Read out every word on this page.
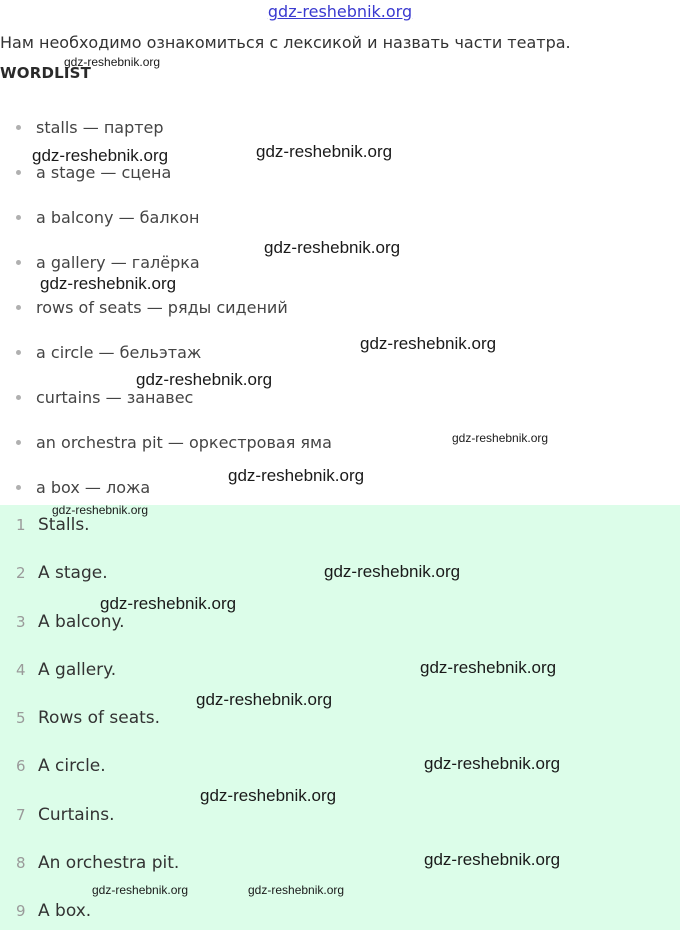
gdz-reshebnik.org
Нам необходимо ознакомиться с лексикой и назвать части театра.
WORDLIST
stalls — партер
a stage — сцена
a balcony — балкон
a gallery — галёрка
rows of seats — ряды сидений
a circle — бельэтаж
curtains — занавес
an orchestra pit — оркестровая яма
a box — ложа
1 Stalls.
2 A stage.
3 A balcony.
4 A gallery.
5 Rows of seats.
6 A circle.
7 Curtains.
8 An orchestra pit.
9 A box.
gdz-reshebnik.org
gdz-reshebnik.org	gdz-reshebnik.org
gdz-reshebnik.org
gdz-reshebnik.org
gdz-reshebnik.org
gdz-reshebnik.org
gdz-reshebnik.org
gdz-reshebnik.org
gdz-reshebnik.org
gdz-reshebnik.org
gdz-reshebnik.org
gdz-reshebnik.org
gdz-reshebnik.org
gdz-reshebnik.org
gdz-reshebnik.org
gdz-reshebnik.org
gdz-reshebnik.org	gdz-reshebnik.org
